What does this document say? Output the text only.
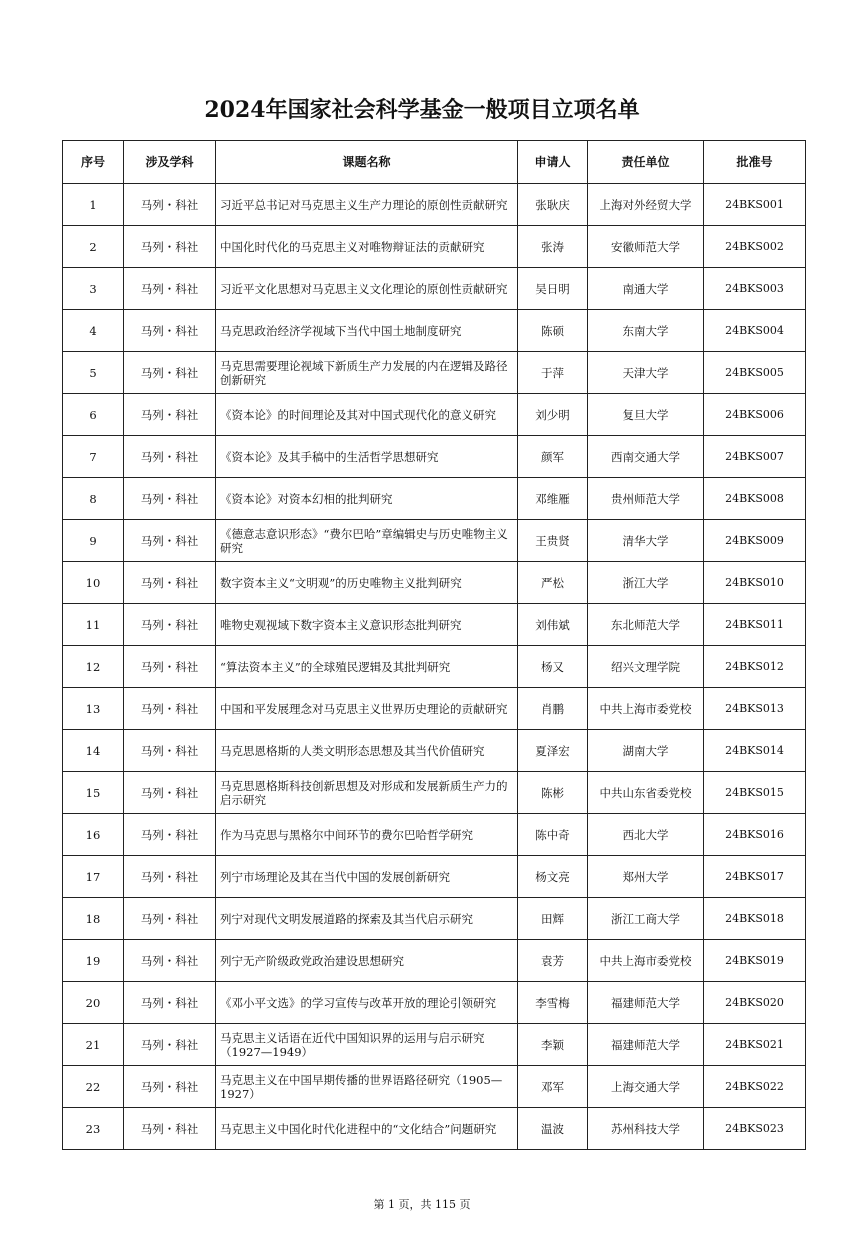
2024年国家社会科学基金一般项目立项名单
序号	涉及学科	课题名称	申请人	责任单位	批准号
1	马列・科社	习近平总书记对马克思主义生产力理论的原创性贡献研究	张耿庆	上海对外经贸大学	24BKS001
2	马列・科社	中国化时代化的马克思主义对唯物辩证法的贡献研究	张涛	安徽师范大学	24BKS002
3	马列・科社	习近平文化思想对马克思主义文化理论的原创性贡献研究	吴日明	南通大学	24BKS003
4	马列・科社	马克思政治经济学视域下当代中国土地制度研究	陈硕	东南大学	24BKS004
5	马列・科社	马克思需要理论视域下新质生产力发展的内在逻辑及路径创新研究	于萍	天津大学	24BKS005
6	马列・科社	《资本论》的时间理论及其对中国式现代化的意义研究	刘少明	复旦大学	24BKS006
7	马列・科社	《资本论》及其手稿中的生活哲学思想研究	颜军	西南交通大学	24BKS007
8	马列・科社	《资本论》对资本幻相的批判研究	邓维雁	贵州师范大学	24BKS008
9	马列・科社	《德意志意识形态》“费尔巴哈”章编辑史与历史唯物主义研究	王贵贤	清华大学	24BKS009
10	马列・科社	数字资本主义“文明观”的历史唯物主义批判研究	严松	浙江大学	24BKS010
11	马列・科社	唯物史观视域下数字资本主义意识形态批判研究	刘伟斌	东北师范大学	24BKS011
12	马列・科社	“算法资本主义”的全球殖民逻辑及其批判研究	杨又	绍兴文理学院	24BKS012
13	马列・科社	中国和平发展理念对马克思主义世界历史理论的贡献研究	肖鹏	中共上海市委党校	24BKS013
14	马列・科社	马克思恩格斯的人类文明形态思想及其当代价值研究	夏泽宏	湖南大学	24BKS014
15	马列・科社	马克思恩格斯科技创新思想及对形成和发展新质生产力的启示研究	陈彬	中共山东省委党校	24BKS015
16	马列・科社	作为马克思与黑格尔中间环节的费尔巴哈哲学研究	陈中奇	西北大学	24BKS016
17	马列・科社	列宁市场理论及其在当代中国的发展创新研究	杨文亮	郑州大学	24BKS017
18	马列・科社	列宁对现代文明发展道路的探索及其当代启示研究	田辉	浙江工商大学	24BKS018
19	马列・科社	列宁无产阶级政党政治建设思想研究	袁芳	中共上海市委党校	24BKS019
20	马列・科社	《邓小平文选》的学习宣传与改革开放的理论引领研究	李雪梅	福建师范大学	24BKS020
21	马列・科社	马克思主义话语在近代中国知识界的运用与启示研究（1927—1949）	李颖	福建师范大学	24BKS021
22	马列・科社	马克思主义在中国早期传播的世界语路径研究（1905—1927）	邓军	上海交通大学	24BKS022
23	马列・科社	马克思主义中国化时代化进程中的“文化结合”问题研究	温波	苏州科技大学	24BKS023
第 1 页，共 115 页
